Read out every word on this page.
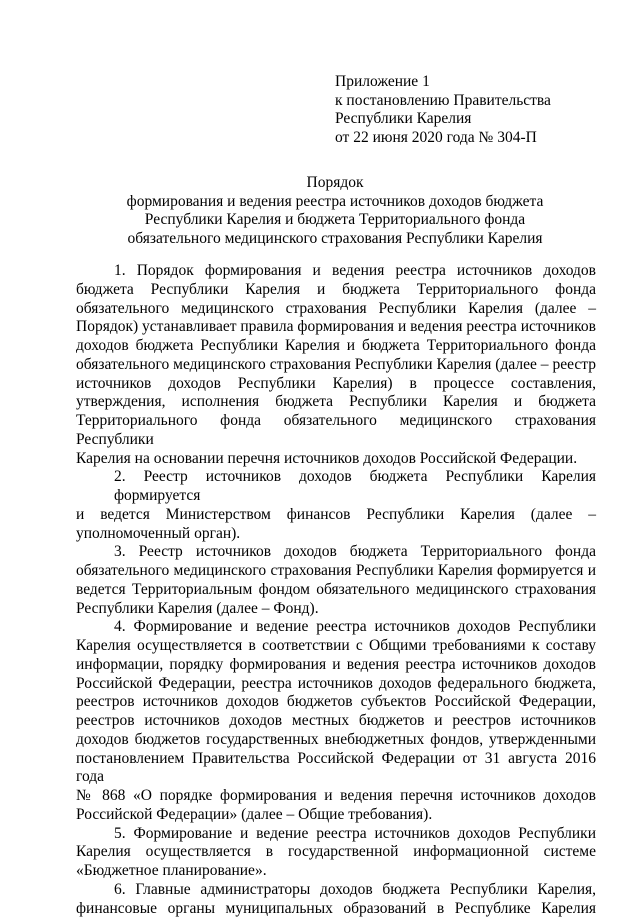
Приложение 1
к постановлению Правительства
Республики Карелия
от 22 июня 2020 года № 304-П
Порядок
формирования и ведения реестра источников доходов бюджета
Республики Карелия и бюджета Территориального фонда
обязательного медицинского страхования Республики Карелия
1. Порядок формирования и ведения реестра источников доходов
бюджета Республики Карелия и бюджета Территориального фонда
обязательного медицинского страхования Республики Карелия (далее –
Порядок) устанавливает правила формирования и ведения реестра источников
доходов бюджета Республики Карелия и бюджета Территориального фонда
обязательного медицинского страхования Республики Карелия (далее – реестр
источников доходов Республики Карелия) в процессе составления,
утверждения, исполнения бюджета Республики Карелия и бюджета
Территориального фонда обязательного медицинского страхования Республики
Карелия на основании перечня источников доходов Российской Федерации.
2. Реестр источников доходов бюджета Республики Карелия формируется
и ведется Министерством финансов Республики Карелия (далее –
уполномоченный орган).
3. Реестр источников доходов бюджета Территориального фонда
обязательного медицинского страхования Республики Карелия формируется и
ведется Территориальным фондом обязательного медицинского страхования
Республики Карелия (далее – Фонд).
4. Формирование и ведение реестра источников доходов Республики
Карелия осуществляется в соответствии с Общими требованиями к составу
информации, порядку формирования и ведения реестра источников доходов
Российской Федерации, реестра источников доходов федерального бюджета,
реестров источников доходов бюджетов субъектов Российской Федерации,
реестров источников доходов местных бюджетов и реестров источников
доходов бюджетов государственных внебюджетных фондов, утвержденными
постановлением Правительства Российской Федерации от 31 августа 2016 года
№ 868 «О порядке формирования и ведения перечня источников доходов
Российской Федерации» (далее – Общие требования).
5. Формирование и ведение реестра источников доходов Республики
Карелия осуществляется в государственной информационной системе
«Бюджетное планирование».
6. Главные администраторы доходов бюджета Республики Карелия,
финансовые органы муниципальных образований в Республике Карелия
